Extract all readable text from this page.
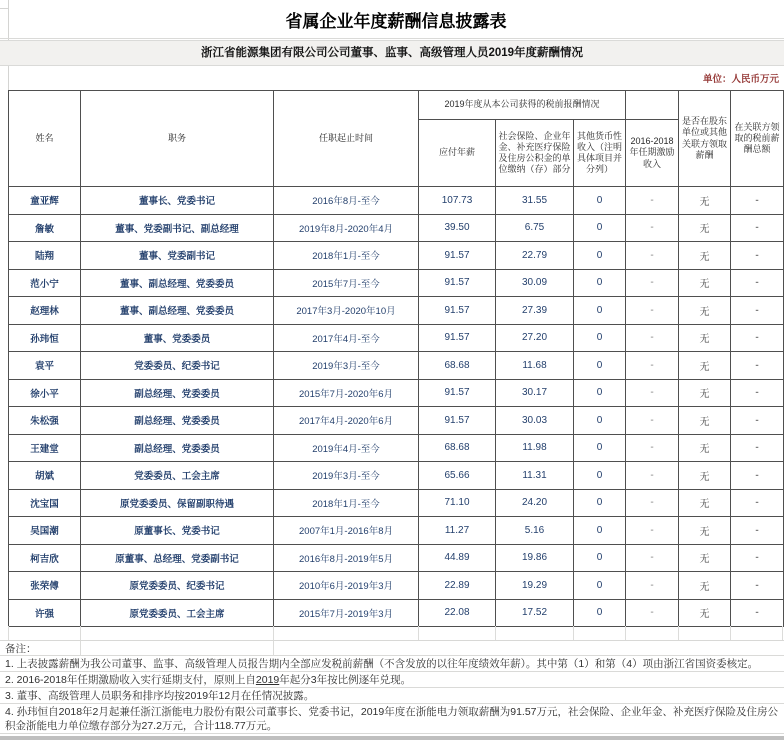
省属企业年度薪酬信息披露表
浙江省能源集团有限公司公司董事、监事、高级管理人员2019年度薪酬情况
单位：人民币万元
姓名	职务	任职起止时间	2019年度从本公司获得的税前报酬情况				是否在股东单位或其他关联方领取薪酬	在关联方领取的税前薪酬总额
			应付年薪	社会保险、企业年金、补充医疗保险及住房公积金的单位缴纳（存）部分	其他货币性收入（注明具体项目并分列）	2016-2018年任期激励收入		
童亚辉	董事长、党委书记	2016年8月-至今	107.73	31.55	0	-	无	-
詹敏	董事、党委副书记、副总经理	2019年8月-2020年4月	39.50	6.75	0	-	无	-
陆翔	董事、党委副书记	2018年1月-至今	91.57	22.79	0	-	无	-
范小宁	董事、副总经理、党委委员	2015年7月-至今	91.57	30.09	0	-	无	-
赵理林	董事、副总经理、党委委员	2017年3月-2020年10月	91.57	27.39	0	-	无	-
孙玮恒	董事、党委委员	2017年4月-至今	91.57	27.20	0	-	无	-
袁平	党委委员、纪委书记	2019年3月-至今	68.68	11.68	0	-	无	-
徐小平	副总经理、党委委员	2015年7月-2020年6月	91.57	30.17	0	-	无	-
朱松强	副总经理、党委委员	2017年4月-2020年6月	91.57	30.03	0	-	无	-
王建堂	副总经理、党委委员	2019年4月-至今	68.68	11.98	0	-	无	-
胡斌	党委委员、工会主席	2019年3月-至今	65.66	11.31	0	-	无	-
沈宝国	原党委委员、保留副职待遇	2018年1月-至今	71.10	24.20	0	-	无	-
吴国潮	原董事长、党委书记	2007年1月-2016年8月	11.27	5.16	0	-	无	-
柯吉欣	原董事、总经理、党委副书记	2016年8月-2019年5月	44.89	19.86	0	-	无	-
张荣傅	原党委委员、纪委书记	2010年6月-2019年3月	22.89	19.29	0	-	无	-
许强	原党委委员、工会主席	2015年7月-2019年3月	22.08	17.52	0	-	无	-
备注：
1. 上表披露薪酬为我公司董事、监事、高级管理人员报告期内全部应发税前薪酬（不含发放的以往年度绩效年薪）。其中第（1）和第（4）项由浙江省国资委核定。
2. 2016-2018年任期激励收入实行延期支付，原则上自2019年起分3年按比例逐年兑现。
3. 董事、高级管理人员职务和排序均按2019年12月在任情况披露。
4. 孙玮恒自2018年2月起兼任浙江浙能电力股份有限公司董事长、党委书记，2019年度在浙能电力领取薪酬为91.57万元，社会保险、企业年金、补充医疗保险及住房公积金浙能电力单位缴存部分为27.2万元，合计118.77万元。
